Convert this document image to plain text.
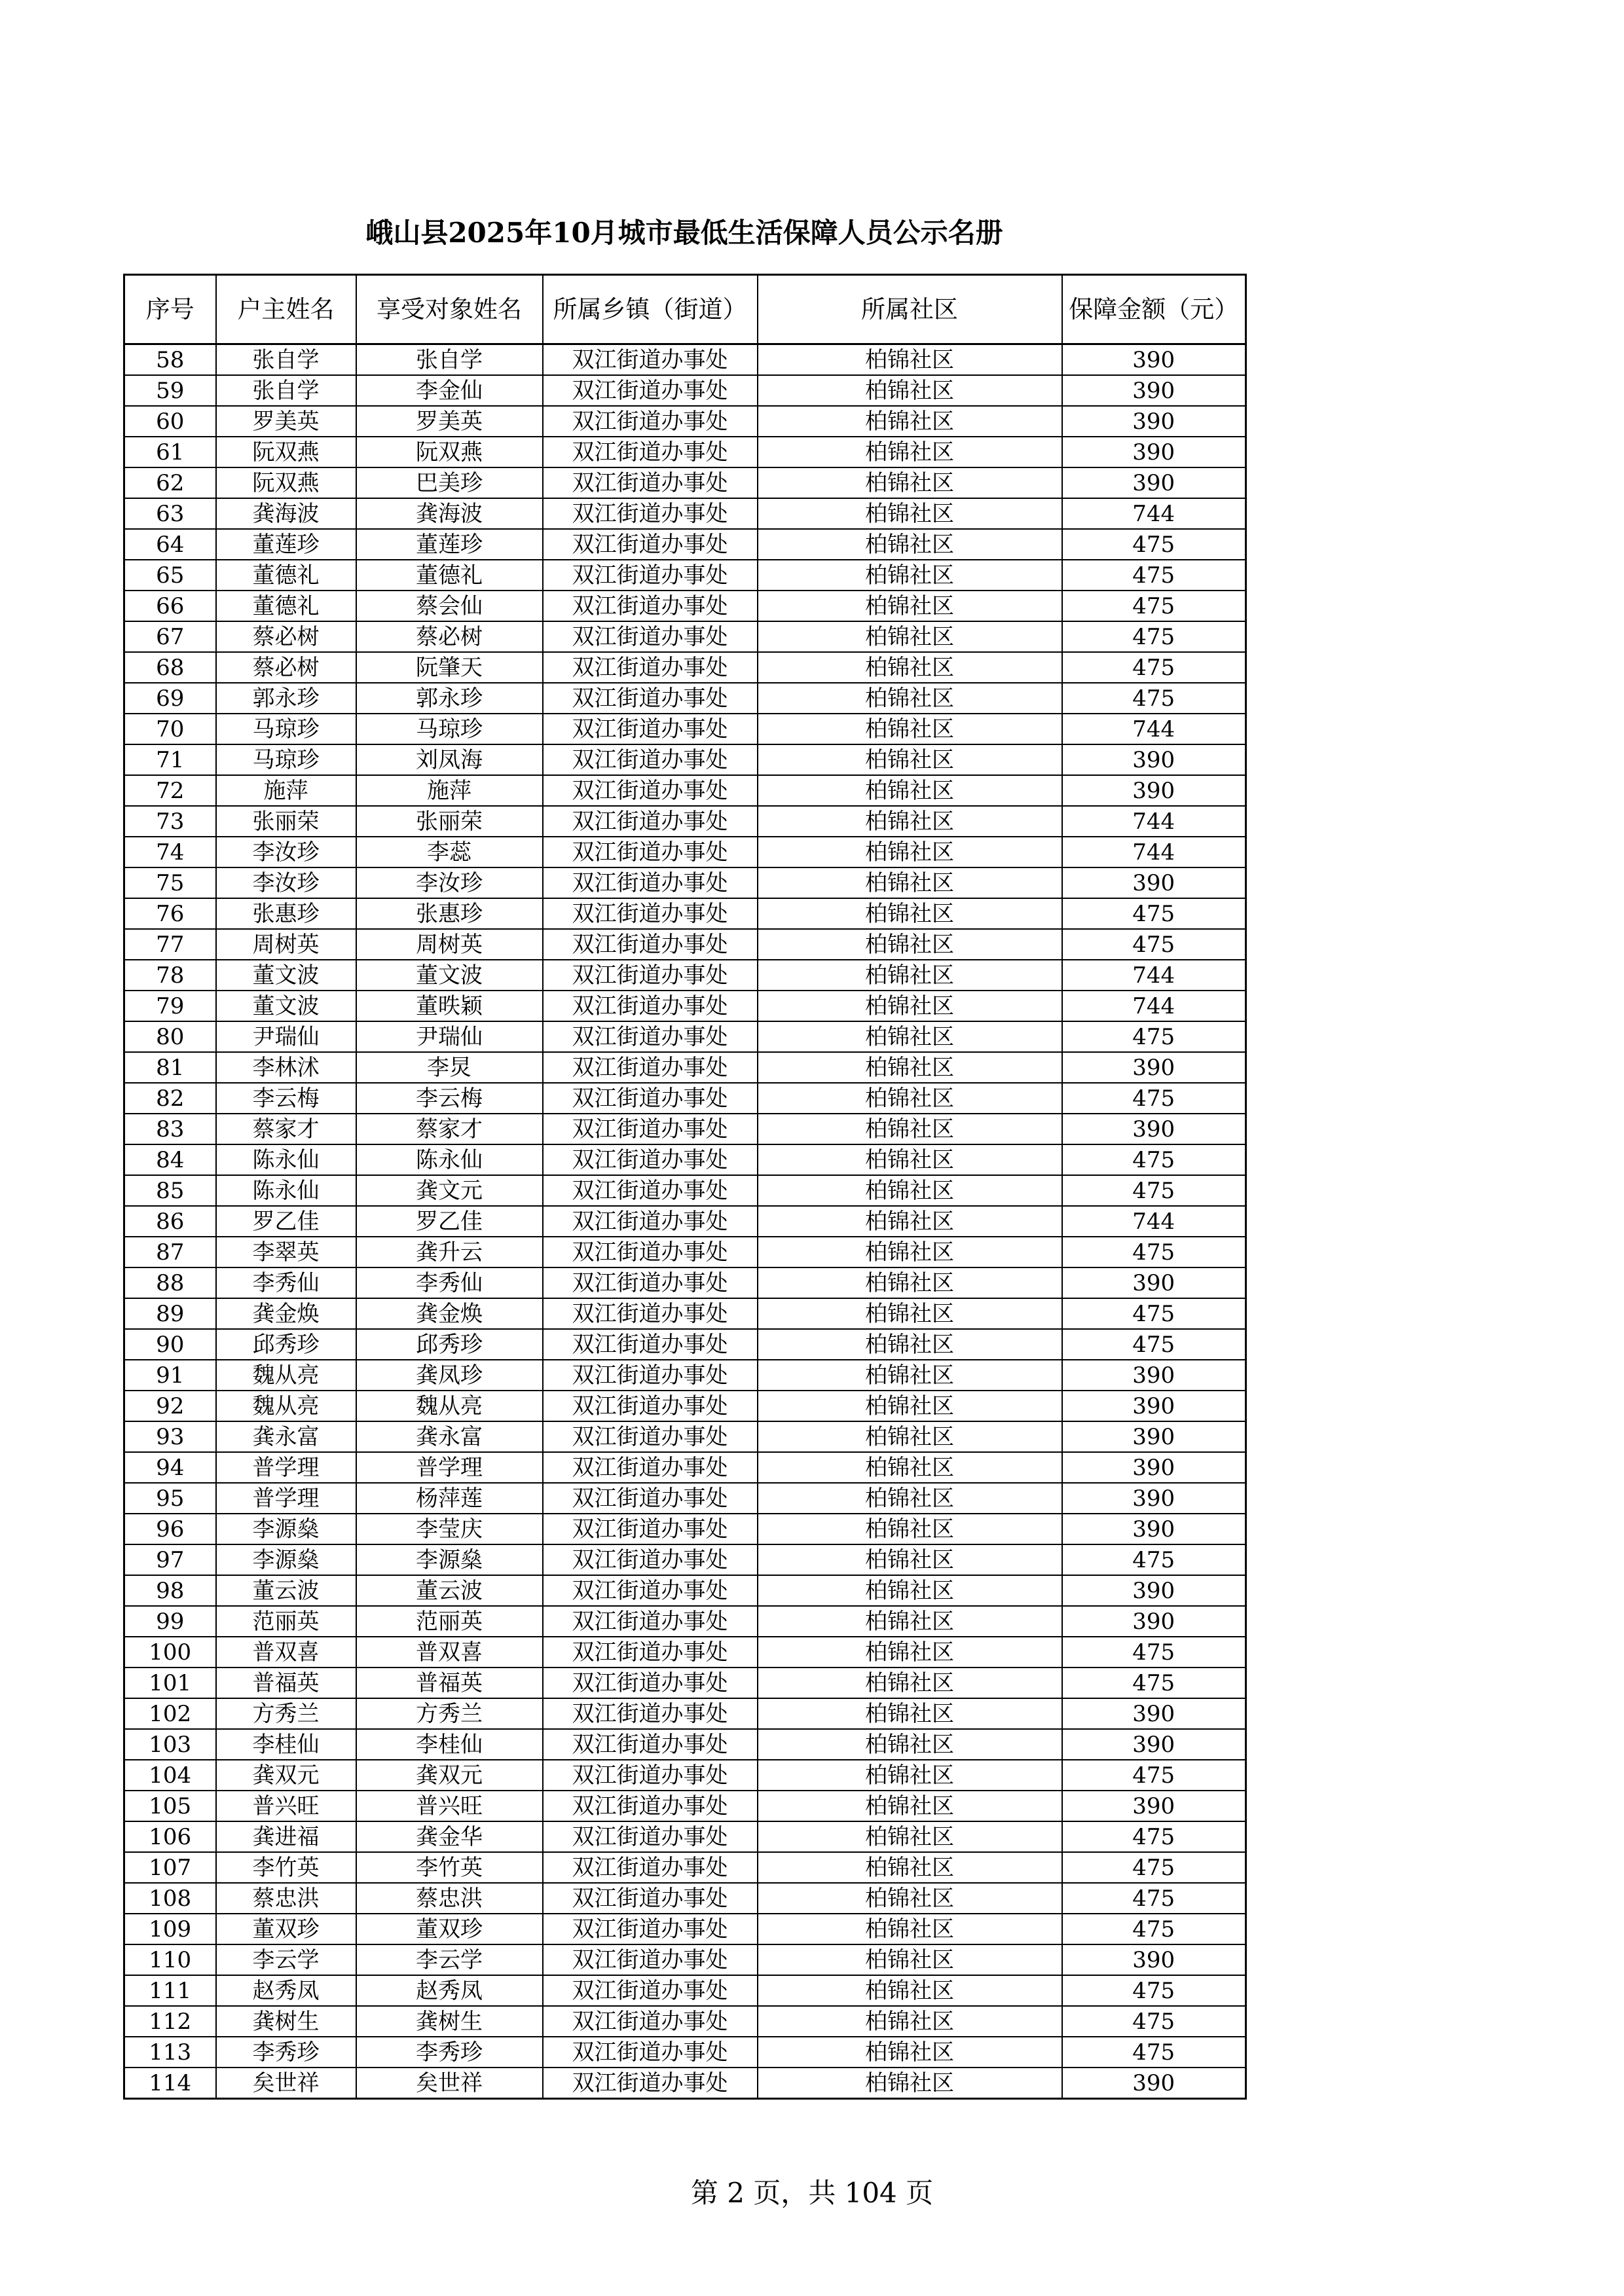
峨山县2025年10月城市最低生活保障人员公示名册
序号	户主姓名	享受对象姓名	所属乡镇（街道）	所属社区	保障金额（元）
58	张自学	张自学	双江街道办事处	柏锦社区	390
59	张自学	李金仙	双江街道办事处	柏锦社区	390
60	罗美英	罗美英	双江街道办事处	柏锦社区	390
61	阮双燕	阮双燕	双江街道办事处	柏锦社区	390
62	阮双燕	巴美珍	双江街道办事处	柏锦社区	390
63	龚海波	龚海波	双江街道办事处	柏锦社区	744
64	董莲珍	董莲珍	双江街道办事处	柏锦社区	475
65	董德礼	董德礼	双江街道办事处	柏锦社区	475
66	董德礼	蔡会仙	双江街道办事处	柏锦社区	475
67	蔡必树	蔡必树	双江街道办事处	柏锦社区	475
68	蔡必树	阮肇天	双江街道办事处	柏锦社区	475
69	郭永珍	郭永珍	双江街道办事处	柏锦社区	475
70	马琼珍	马琼珍	双江街道办事处	柏锦社区	744
71	马琼珍	刘凤海	双江街道办事处	柏锦社区	390
72	施萍	施萍	双江街道办事处	柏锦社区	390
73	张丽荣	张丽荣	双江街道办事处	柏锦社区	744
74	李汝珍	李蕊	双江街道办事处	柏锦社区	744
75	李汝珍	李汝珍	双江街道办事处	柏锦社区	390
76	张惠珍	张惠珍	双江街道办事处	柏锦社区	475
77	周树英	周树英	双江街道办事处	柏锦社区	475
78	董文波	董文波	双江街道办事处	柏锦社区	744
79	董文波	董昳颖	双江街道办事处	柏锦社区	744
80	尹瑞仙	尹瑞仙	双江街道办事处	柏锦社区	475
81	李林沭	李炅	双江街道办事处	柏锦社区	390
82	李云梅	李云梅	双江街道办事处	柏锦社区	475
83	蔡家才	蔡家才	双江街道办事处	柏锦社区	390
84	陈永仙	陈永仙	双江街道办事处	柏锦社区	475
85	陈永仙	龚文元	双江街道办事处	柏锦社区	475
86	罗乙佳	罗乙佳	双江街道办事处	柏锦社区	744
87	李翠英	龚升云	双江街道办事处	柏锦社区	475
88	李秀仙	李秀仙	双江街道办事处	柏锦社区	390
89	龚金焕	龚金焕	双江街道办事处	柏锦社区	475
90	邱秀珍	邱秀珍	双江街道办事处	柏锦社区	475
91	魏从亮	龚凤珍	双江街道办事处	柏锦社区	390
92	魏从亮	魏从亮	双江街道办事处	柏锦社区	390
93	龚永富	龚永富	双江街道办事处	柏锦社区	390
94	普学理	普学理	双江街道办事处	柏锦社区	390
95	普学理	杨萍莲	双江街道办事处	柏锦社区	390
96	李源燊	李莹庆	双江街道办事处	柏锦社区	390
97	李源燊	李源燊	双江街道办事处	柏锦社区	475
98	董云波	董云波	双江街道办事处	柏锦社区	390
99	范丽英	范丽英	双江街道办事处	柏锦社区	390
100	普双喜	普双喜	双江街道办事处	柏锦社区	475
101	普福英	普福英	双江街道办事处	柏锦社区	475
102	方秀兰	方秀兰	双江街道办事处	柏锦社区	390
103	李桂仙	李桂仙	双江街道办事处	柏锦社区	390
104	龚双元	龚双元	双江街道办事处	柏锦社区	475
105	普兴旺	普兴旺	双江街道办事处	柏锦社区	390
106	龚进福	龚金华	双江街道办事处	柏锦社区	475
107	李竹英	李竹英	双江街道办事处	柏锦社区	475
108	蔡忠洪	蔡忠洪	双江街道办事处	柏锦社区	475
109	董双珍	董双珍	双江街道办事处	柏锦社区	475
110	李云学	李云学	双江街道办事处	柏锦社区	390
111	赵秀凤	赵秀凤	双江街道办事处	柏锦社区	475
112	龚树生	龚树生	双江街道办事处	柏锦社区	475
113	李秀珍	李秀珍	双江街道办事处	柏锦社区	475
114	矣世祥	矣世祥	双江街道办事处	柏锦社区	390
第 2 页，共 104 页
